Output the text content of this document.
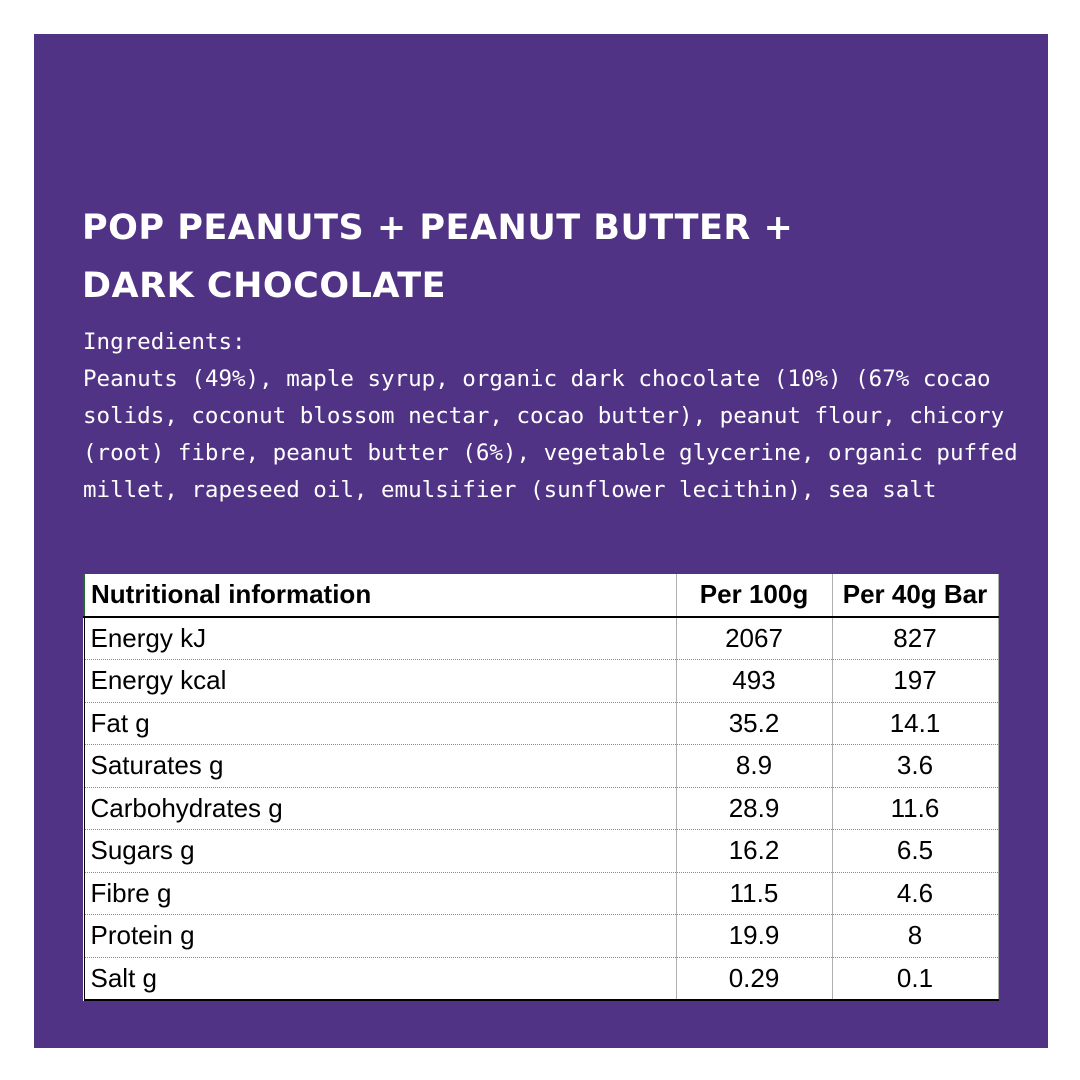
POP PEANUTS + PEANUT BUTTER +
DARK CHOCOLATE

Ingredients:

Peanuts (49%), maple syrup, organic dark chocolate (10%) (67% cocao solids, coconut blossom nectar, cocao butter), peanut flour, chicory (root) fibre, peanut butter (6%), vegetable glycerine, organic puffed millet, rapeseed oil, emulsifier (sunflower lecithin), sea salt

Nutritional information	Per 100g	Per 40g Bar
Energy kJ	2067	827
Energy kcal	493	197
Fat g	35.2	14.1
Saturates g	8.9	3.6
Carbohydrates g	28.9	11.6
Sugars g	16.2	6.5
Fibre g	11.5	4.6
Protein g	19.9	8
Salt g	0.29	0.1
